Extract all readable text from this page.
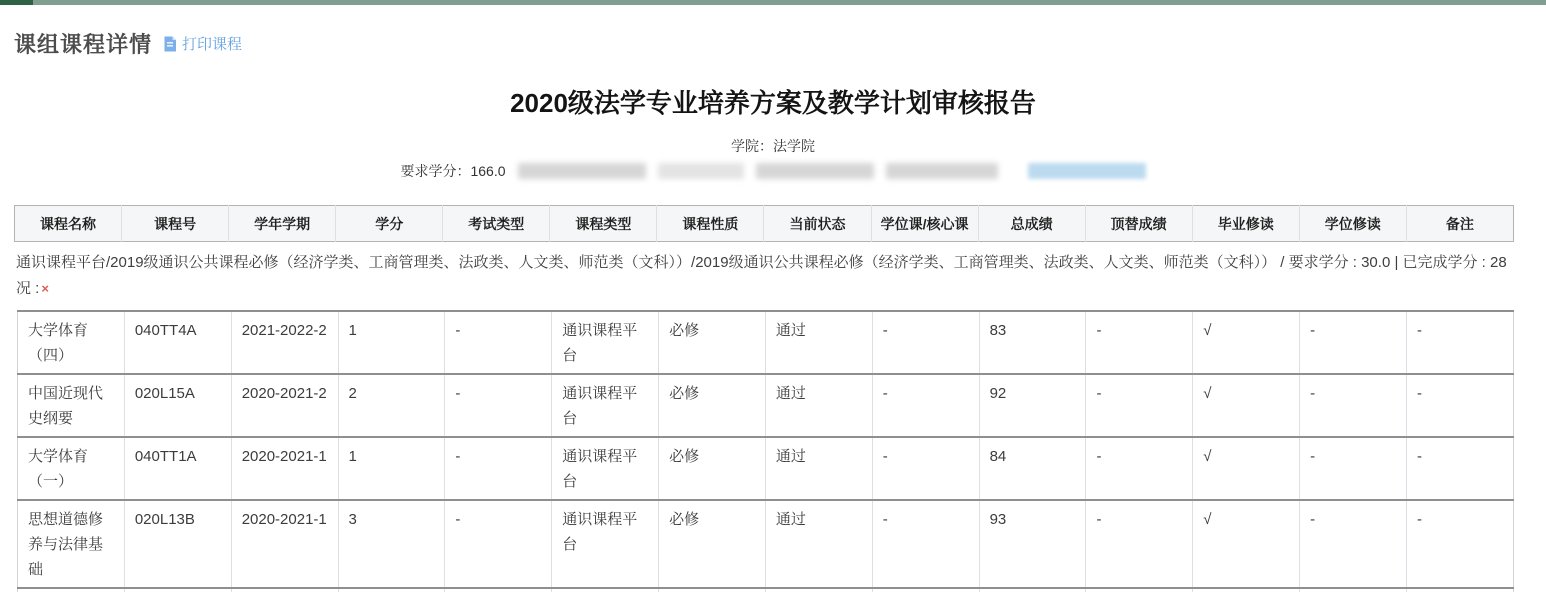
课组课程详情 打印课程
2020级法学专业培养方案及教学计划审核报告
学院：法学院
要求学分：166.0
课程名称	课程号	学年学期	学分	考试类型	课程类型	课程性质	当前状态	学位课/核心课	总成绩	顶替成绩	毕业修读	学位修读	备注
通识课程平台/2019级通识公共课程必修（经济学类、工商管理类、法政类、人文类、师范类（文科））/2019级通识公共课程必修（经济学类、工商管理类、法政类、人文类、师范类（文科）） / 要求学分 : 30.0 | 已完成学分 : 28
况 : ×
大学体育（四）	040TT4A	2021-2022-2	1	-	通识课程平台	必修	通过	-	83	-	√	-	-
中国近现代史纲要	020L15A	2020-2021-2	2	-	通识课程平台	必修	通过	-	92	-	√	-	-
大学体育（一）	040TT1A	2020-2021-1	1	-	通识课程平台	必修	通过	-	84	-	√	-	-
思想道德修养与法律基础	020L13B	2020-2021-1	3	-	通识课程平台	必修	通过	-	93	-	√	-	-
